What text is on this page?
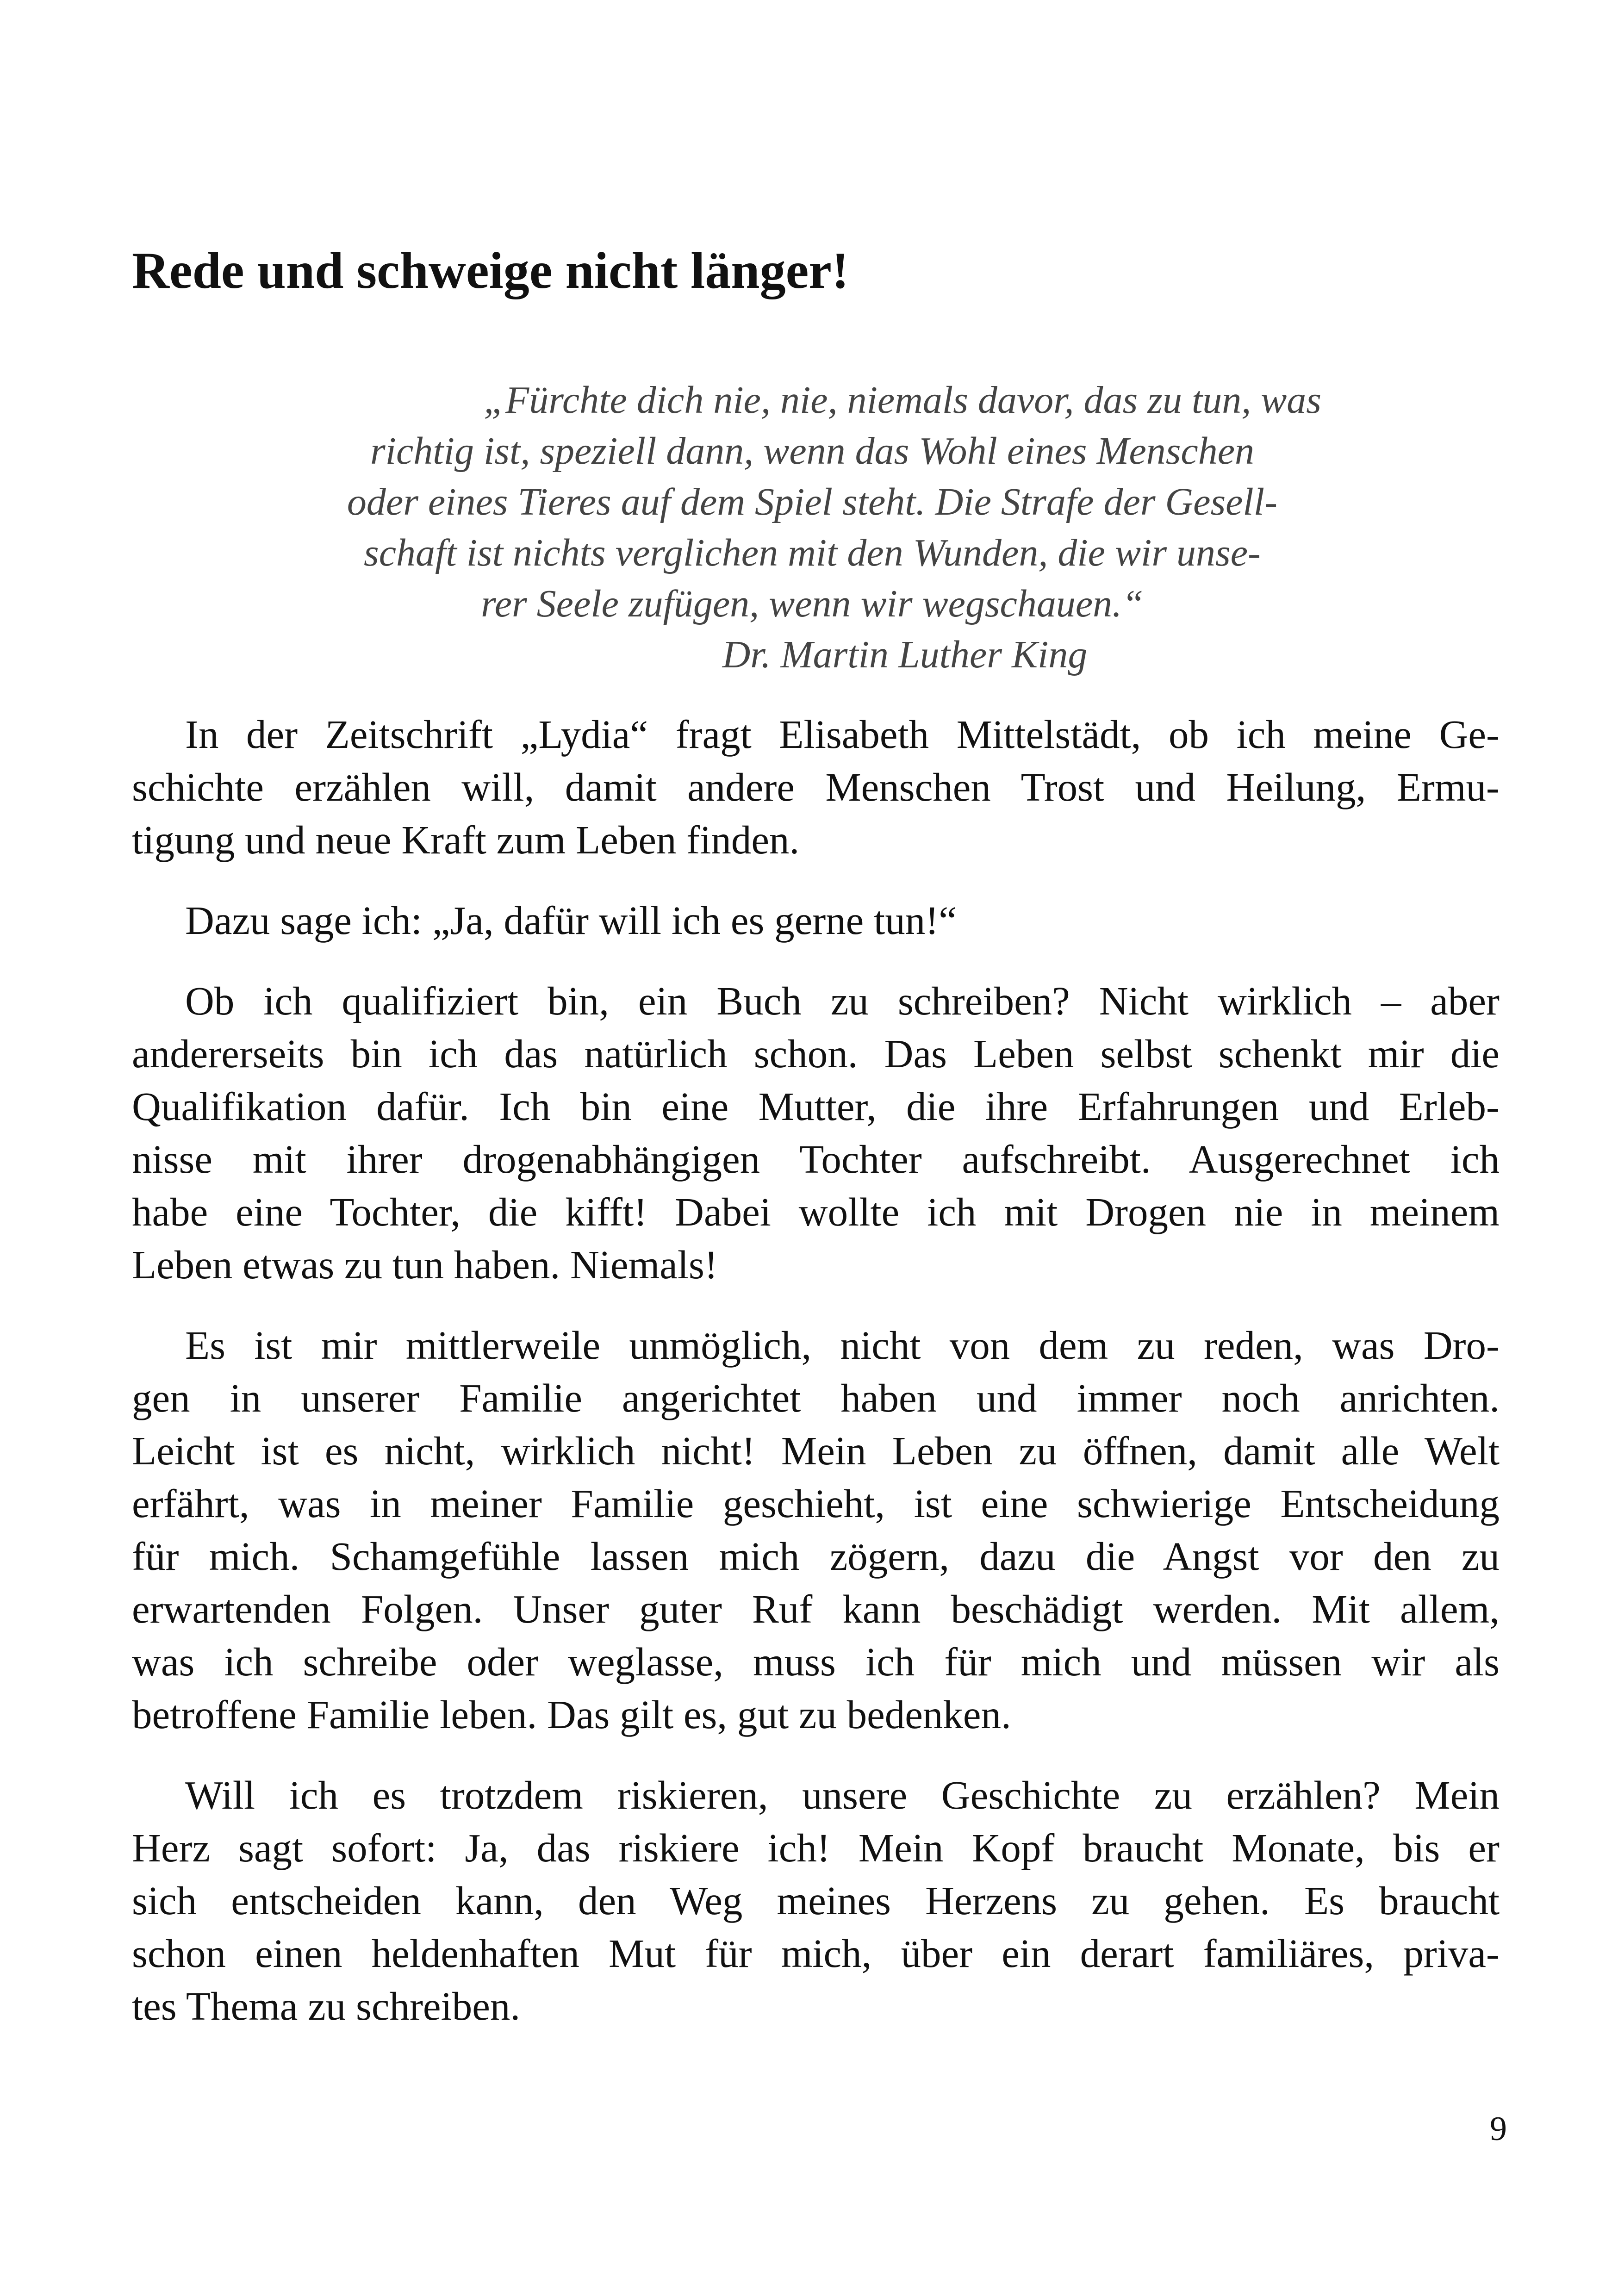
Rede und schweige nicht länger!
„Fürchte dich nie, nie, niemals davor, das zu tun, was
richtig ist, speziell dann, wenn das Wohl eines Menschen
oder eines Tieres auf dem Spiel steht. Die Strafe der Gesell-
schaft ist nichts verglichen mit den Wunden, die wir unse-
rer Seele zufügen, wenn wir wegschauen.“
Dr. Martin Luther King
In der Zeitschrift „Lydia“ fragt Elisabeth Mittelstädt, ob ich meine Ge-
schichte erzählen will, damit andere Menschen Trost und Heilung, Ermu-
tigung und neue Kraft zum Leben finden.
Dazu sage ich: „Ja, dafür will ich es gerne tun!“
Ob ich qualifiziert bin, ein Buch zu schreiben? Nicht wirklich – aber
andererseits bin ich das natürlich schon. Das Leben selbst schenkt mir die
Qualifikation dafür. Ich bin eine Mutter, die ihre Erfahrungen und Erleb-
nisse mit ihrer drogenabhängigen Tochter aufschreibt. Ausgerechnet ich
habe eine Tochter, die kifft! Dabei wollte ich mit Drogen nie in meinem
Leben etwas zu tun haben. Niemals!
Es ist mir mittlerweile unmöglich, nicht von dem zu reden, was Dro-
gen in unserer Familie angerichtet haben und immer noch anrichten.
Leicht ist es nicht, wirklich nicht! Mein Leben zu öffnen, damit alle Welt
erfährt, was in meiner Familie geschieht, ist eine schwierige Entscheidung
für mich. Schamgefühle lassen mich zögern, dazu die Angst vor den zu
erwartenden Folgen. Unser guter Ruf kann beschädigt werden. Mit allem,
was ich schreibe oder weglasse, muss ich für mich und müssen wir als
betroffene Familie leben. Das gilt es, gut zu bedenken.
Will ich es trotzdem riskieren, unsere Geschichte zu erzählen? Mein
Herz sagt sofort: Ja, das riskiere ich! Mein Kopf braucht Monate, bis er
sich entscheiden kann, den Weg meines Herzens zu gehen. Es braucht
schon einen heldenhaften Mut für mich, über ein derart familiäres, priva-
tes Thema zu schreiben.
9
